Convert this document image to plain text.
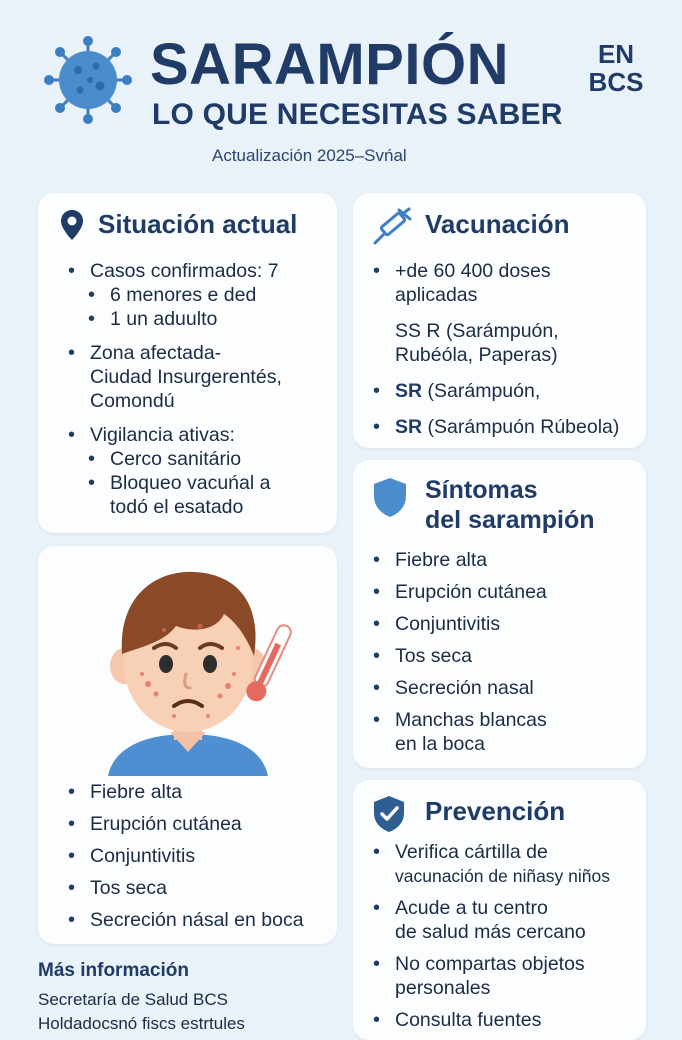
SARAMPIÓN	EN
BCS
LO QUE NECESITAS SABER
Actualización 2025–Svńal
Situación actual
• Casos confirmados: 7
• 6 menores e ded
• 1 un aduulto
• Zona afectada-
Ciudad Insurgerentés,
Comondú
• Vigilancia ativas:
• Cerco sanitário
• Bloqueo vacuńal a
todó el esatado
Vacunación
• +de 60 400 doses
aplicadas
SS R (Sarámpuón,
Rubéóla, Paperas)
• SR (Sarámpuón,
• SR (Sarámpuón Rúbeola)
Síntomas
del sarampión
• Fiebre alta
• Erupción cutánea
• Conjuntivitis
• Tos seca
• Secreción nasal
• Manchas blancas
en la boca
• Fiebre alta
• Erupción cutánea
• Conjuntivitis
• Tos seca
• Secreción násal en boca
Prevención
• Verifica cártilla de
vacunación de niñasy niños
• Acude a tu centro
de salud más cercano
• No compartas objetos
personales
• Consulta fuentes
Más información
Secretaría de Salud BCS
Holdadocsnó fiscs estrtules
